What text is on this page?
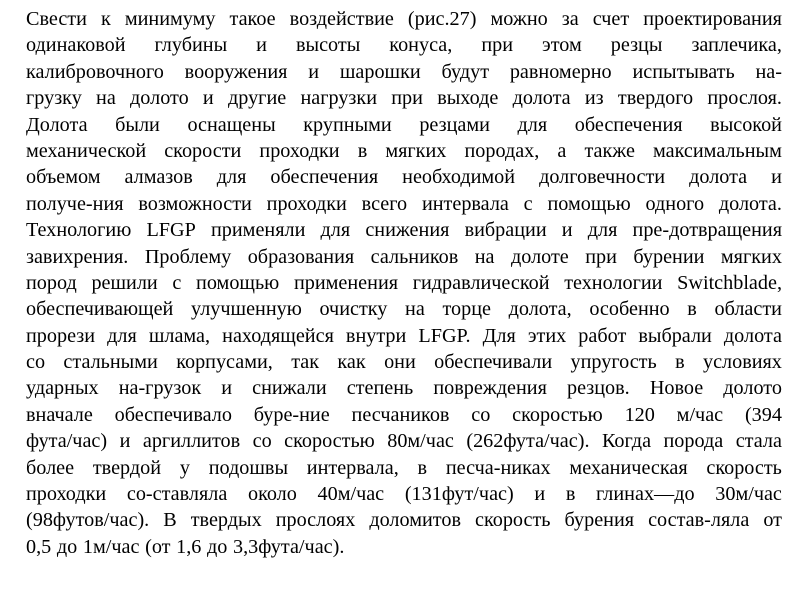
Свести к минимуму такое воздействие (рис.27) можно за счет проектирования
одинаковой глубины и высоты конуса, при этом резцы заплечика,
калибровочного вооружения и шарошки будут равномерно испытывать на-
грузку на долото и другие нагрузки при выходе долота из твердого прослоя.
Долота были оснащены крупными резцами для обеспечения высокой
механической скорости проходки в мягких породах, а также максимальным
объемом алмазов для обеспечения необходимой долговечности долота и
получе-ния возможности проходки всего интервала с помощью одного долота.
Технологию LFGP применяли для снижения вибрации и для пре-дотвращения
завихрения. Проблему образования сальников на долоте при бурении мягких
пород решили с помощью применения гидравлической технологии Switchblade,
обеспечивающей улучшенную очистку на торце долота, особенно в области
прорези для шлама, находящейся внутри LFGP. Для этих работ выбрали долота
со стальными корпусами, так как они обеспечивали упругость в условиях
ударных на-грузок и снижали степень повреждения резцов. Новое долото
вначале обеспечивало буре-ние песчаников со скоростью 120 м/час (394
фута/час) и аргиллитов со скоростью 80м/час (262фута/час). Когда порода стала
более твердой у подошвы интервала, в песча-никах механическая скорость
проходки со-ставляла около 40м/час (131фут/час) и в глинах—до 30м/час
(98футов/час). В твердых прослоях доломитов скорость бурения состав-ляла от
0,5 до 1м/час (от 1,6 до 3,3фута/час).
